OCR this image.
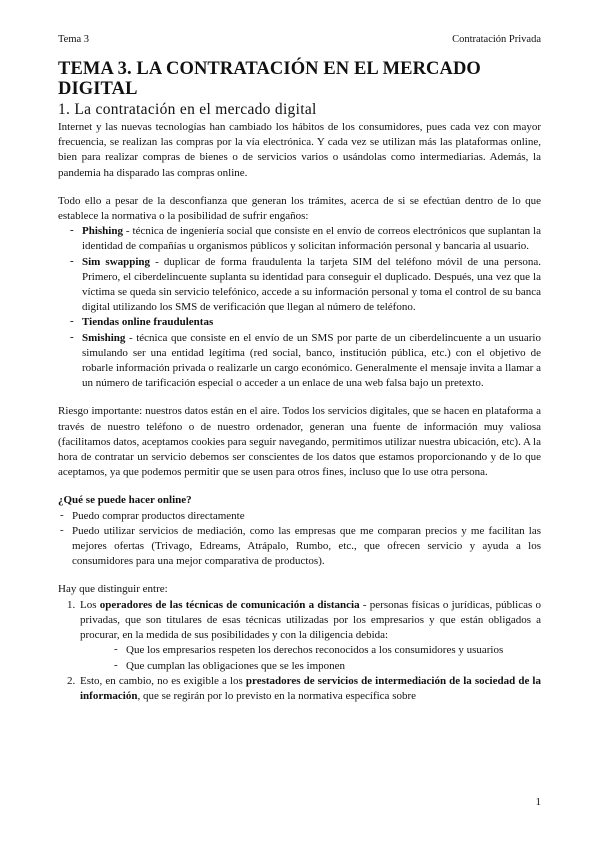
Tema 3	Contratación Privada
TEMA 3. LA CONTRATACIÓN EN EL MERCADO DIGITAL
1. La contratación en el mercado digital

Internet y las nuevas tecnologías han cambiado los hábitos de los consumidores, pues cada vez con mayor frecuencia, se realizan las compras por la vía electrónica. Y cada vez se utilizan más las plataformas online, bien para realizar compras de bienes o de servicios varios o usándolas como intermediarias. Además, la pandemia ha disparado las compras online.

Todo ello a pesar de la desconfianza que generan los trámites, acerca de si se efectúan dentro de lo que establece la normativa o la posibilidad de sufrir engaños:

- Phishing - técnica de ingeniería social que consiste en el envío de correos electrónicos que suplantan la identidad de compañías u organismos públicos y solicitan información personal y bancaria al usuario.
- Sim swapping - duplicar de forma fraudulenta la tarjeta SIM del teléfono móvil de una persona. Primero, el ciberdelincuente suplanta su identidad para conseguir el duplicado. Después, una vez que la víctima se queda sin servicio telefónico, accede a su información personal y toma el control de su banca digital utilizando los SMS de verificación que llegan al número de teléfono.
- Tiendas online fraudulentas
- Smishing - técnica que consiste en el envío de un SMS por parte de un ciberdelincuente a un usuario simulando ser una entidad legítima (red social, banco, institución pública, etc.) con el objetivo de robarle información privada o realizarle un cargo económico. Generalmente el mensaje invita a llamar a un número de tarificación especial o acceder a un enlace de una web falsa bajo un pretexto.

Riesgo importante: nuestros datos están en el aire. Todos los servicios digitales, que se hacen en plataforma a través de nuestro teléfono o de nuestro ordenador, generan una fuente de información muy valiosa (facilitamos datos, aceptamos cookies para seguir navegando, permitimos utilizar nuestra ubicación, etc). A la hora de contratar un servicio debemos ser conscientes de los datos que estamos proporcionando y de lo que aceptamos, ya que podemos permitir que se usen para otros fines, incluso que lo use otra persona.

¿Qué se puede hacer online?

- Puedo comprar productos directamente
- Puedo utilizar servicios de mediación, como las empresas que me comparan precios y me facilitan las mejores ofertas (Trivago, Edreams, Atrápalo, Rumbo, etc., que ofrecen servicio y ayuda a los consumidores para una mejor comparativa de productos).

Hay que distinguir entre:

1. Los operadores de las técnicas de comunicación a distancia - personas físicas o jurídicas, públicas o privadas, que son titulares de esas técnicas utilizadas por los empresarios y que están obligados a procurar, en la medida de sus posibilidades y con la diligencia debida:
- Que los empresarios respeten los derechos reconocidos a los consumidores y usuarios
- Que cumplan las obligaciones que se les imponen
2. Esto, en cambio, no es exigible a los prestadores de servicios de intermediación de la sociedad de la información, que se regirán por lo previsto en la normativa específica sobre
1
